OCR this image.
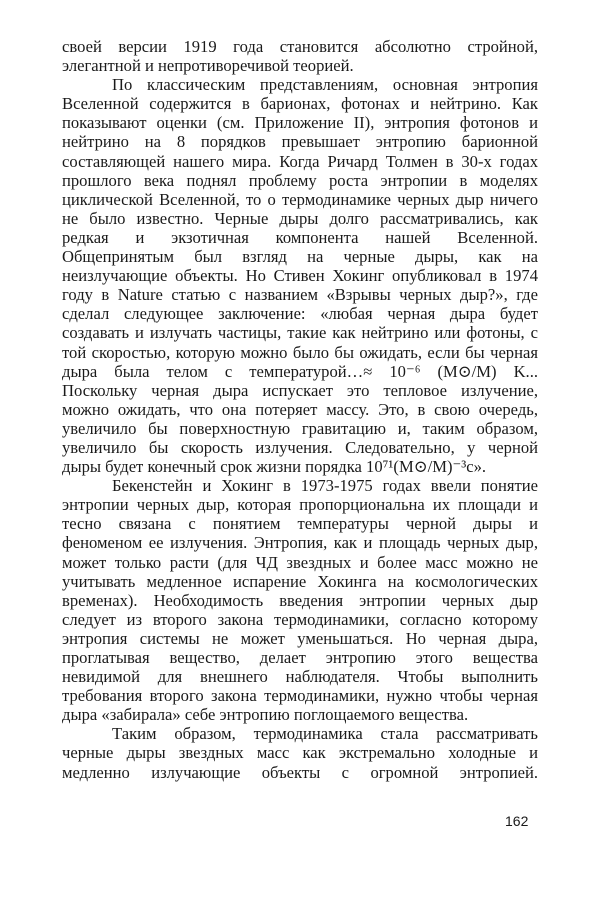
своей версии 1919 года становится абсолютно стройной,
элегантной и непротиворечивой теорией.
По классическим представлениям, основная энтропия
Вселенной содержится в барионах, фотонах и нейтрино. Как
показывают оценки (см. Приложение II), энтропия фотонов и
нейтрино на 8 порядков превышает энтропию барионной
составляющей нашего мира. Когда Ричард Толмен в 30-х годах
прошлого века поднял проблему роста энтропии в моделях
циклической Вселенной, то о термодинамике черных дыр ничего
не было известно. Черные дыры долго рассматривались, как
редкая и экзотичная компонента нашей Вселенной.
Общепринятым был взгляд на черные дыры, как на
неизлучающие объекты. Но Стивен Хокинг опубликовал в 1974
году в Nature статью с названием «Взрывы черных дыр?», где
сделал следующее заключение: «любая черная дыра будет
создавать и излучать частицы, такие как нейтрино или фотоны, с
той скоростью, которую можно было бы ожидать, если бы черная
дыра была телом с температурой…≈ 10⁻⁶ (M⊙/M) K...
Поскольку черная дыра испускает это тепловое излучение,
можно ожидать, что она потеряет массу. Это, в свою очередь,
увеличило бы поверхностную гравитацию и, таким образом,
увеличило бы скорость излучения. Следовательно, у черной
дыры будет конечный срок жизни порядка 10⁷¹(M⊙/M)⁻³c».
Бекенстейн и Хокинг в 1973-1975 годах ввели понятие
энтропии черных дыр, которая пропорциональна их площади и
тесно связана с понятием температуры черной дыры и
феноменом ее излучения. Энтропия, как и площадь черных дыр,
может только расти (для ЧД звездных и более масс можно не
учитывать медленное испарение Хокинга на космологических
временах). Необходимость введения энтропии черных дыр
следует из второго закона термодинамики, согласно которому
энтропия системы не может уменьшаться. Но черная дыра,
проглатывая вещество, делает энтропию этого вещества
невидимой для внешнего наблюдателя. Чтобы выполнить
требования второго закона термодинамики, нужно чтобы черная
дыра «забирала» себе энтропию поглощаемого вещества.
Таким образом, термодинамика стала рассматривать
черные дыры звездных масс как экстремально холодные и
медленно излучающие объекты с огромной энтропией.
162
